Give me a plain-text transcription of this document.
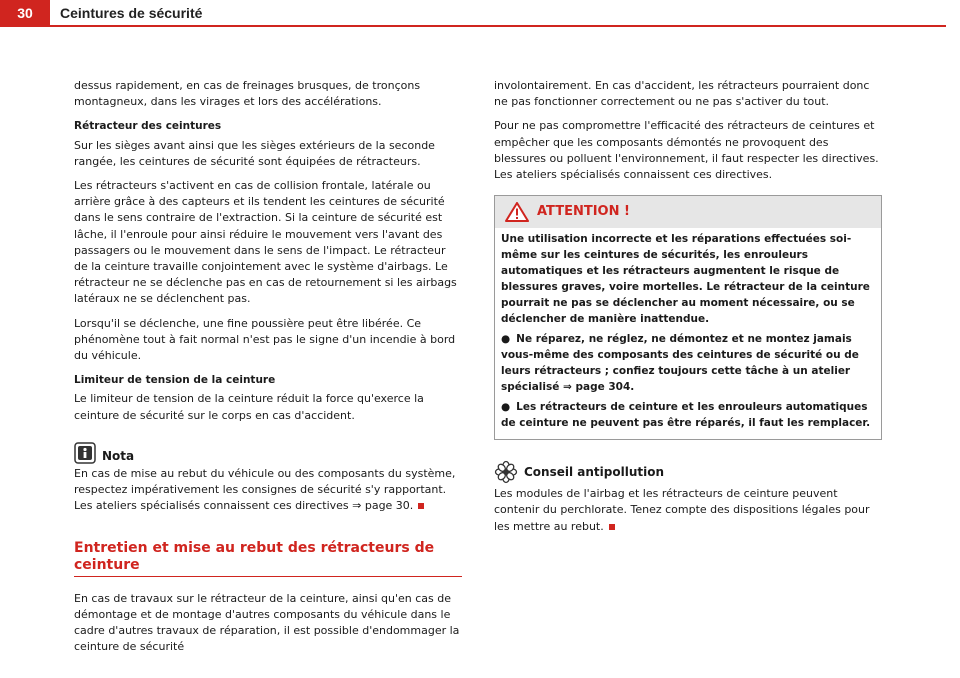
30	Ceintures de sécurité

dessus rapidement, en cas de freinages brusques, de tronçons montagneux, dans les virages et lors des accélérations.

Rétracteur des ceintures

Sur les sièges avant ainsi que les sièges extérieurs de la seconde rangée, les ceintures de sécurité sont équipées de rétracteurs.

Les rétracteurs s'activent en cas de collision frontale, latérale ou arrière grâce à des capteurs et ils tendent les ceintures de sécurité dans le sens contraire de l'extraction. Si la ceinture de sécurité est lâche, il l'enroule pour ainsi réduire le mouvement vers l'avant des passagers ou le mouvement dans le sens de l'impact. Le rétracteur de la ceinture travaille conjointement avec le système d'airbags. Le rétracteur ne se déclenche pas en cas de retournement si les airbags latéraux ne se déclenchent pas.

Lorsqu'il se déclenche, une fine poussière peut être libérée. Ce phénomène tout à fait normal n'est pas le signe d'un incendie à bord du véhicule.

Limiteur de tension de la ceinture

Le limiteur de tension de la ceinture réduit la force qu'exerce la ceinture de sécurité sur le corps en cas d'accident.

Nota

En cas de mise au rebut du véhicule ou des composants du système, respectez impérativement les consignes de sécurité s'y rapportant. Les ateliers spécialisés connaissent ces directives ⇒ page 30.

Entretien et mise au rebut des rétracteurs de ceinture

En cas de travaux sur le rétracteur de la ceinture, ainsi qu'en cas de démontage et de montage d'autres composants du véhicule dans le cadre d'autres travaux de réparation, il est possible d'endommager la ceinture de sécurité

involontairement. En cas d'accident, les rétracteurs pourraient donc ne pas fonctionner correctement ou ne pas s'activer du tout.

Pour ne pas compromettre l'efficacité des rétracteurs de ceintures et empêcher que les composants démontés ne provoquent des blessures ou polluent l'environnement, il faut respecter les directives. Les ateliers spécialisés connaissent ces directives.

ATTENTION !

Une utilisation incorrecte et les réparations effectuées soi-même sur les ceintures de sécurités, les enrouleurs automatiques et les rétracteurs augmentent le risque de blessures graves, voire mortelles. Le rétracteur de la ceinture pourrait ne pas se déclencher au moment nécessaire, ou se déclencher de manière inattendue.

● Ne réparez, ne réglez, ne démontez et ne montez jamais vous-même des composants des ceintures de sécurité ou de leurs rétracteurs ; confiez toujours cette tâche à un atelier spécialisé ⇒ page 304.

● Les rétracteurs de ceinture et les enrouleurs automatiques de ceinture ne peuvent pas être réparés, il faut les remplacer.

Conseil antipollution

Les modules de l'airbag et les rétracteurs de ceinture peuvent contenir du perchlorate. Tenez compte des dispositions légales pour les mettre au rebut.
